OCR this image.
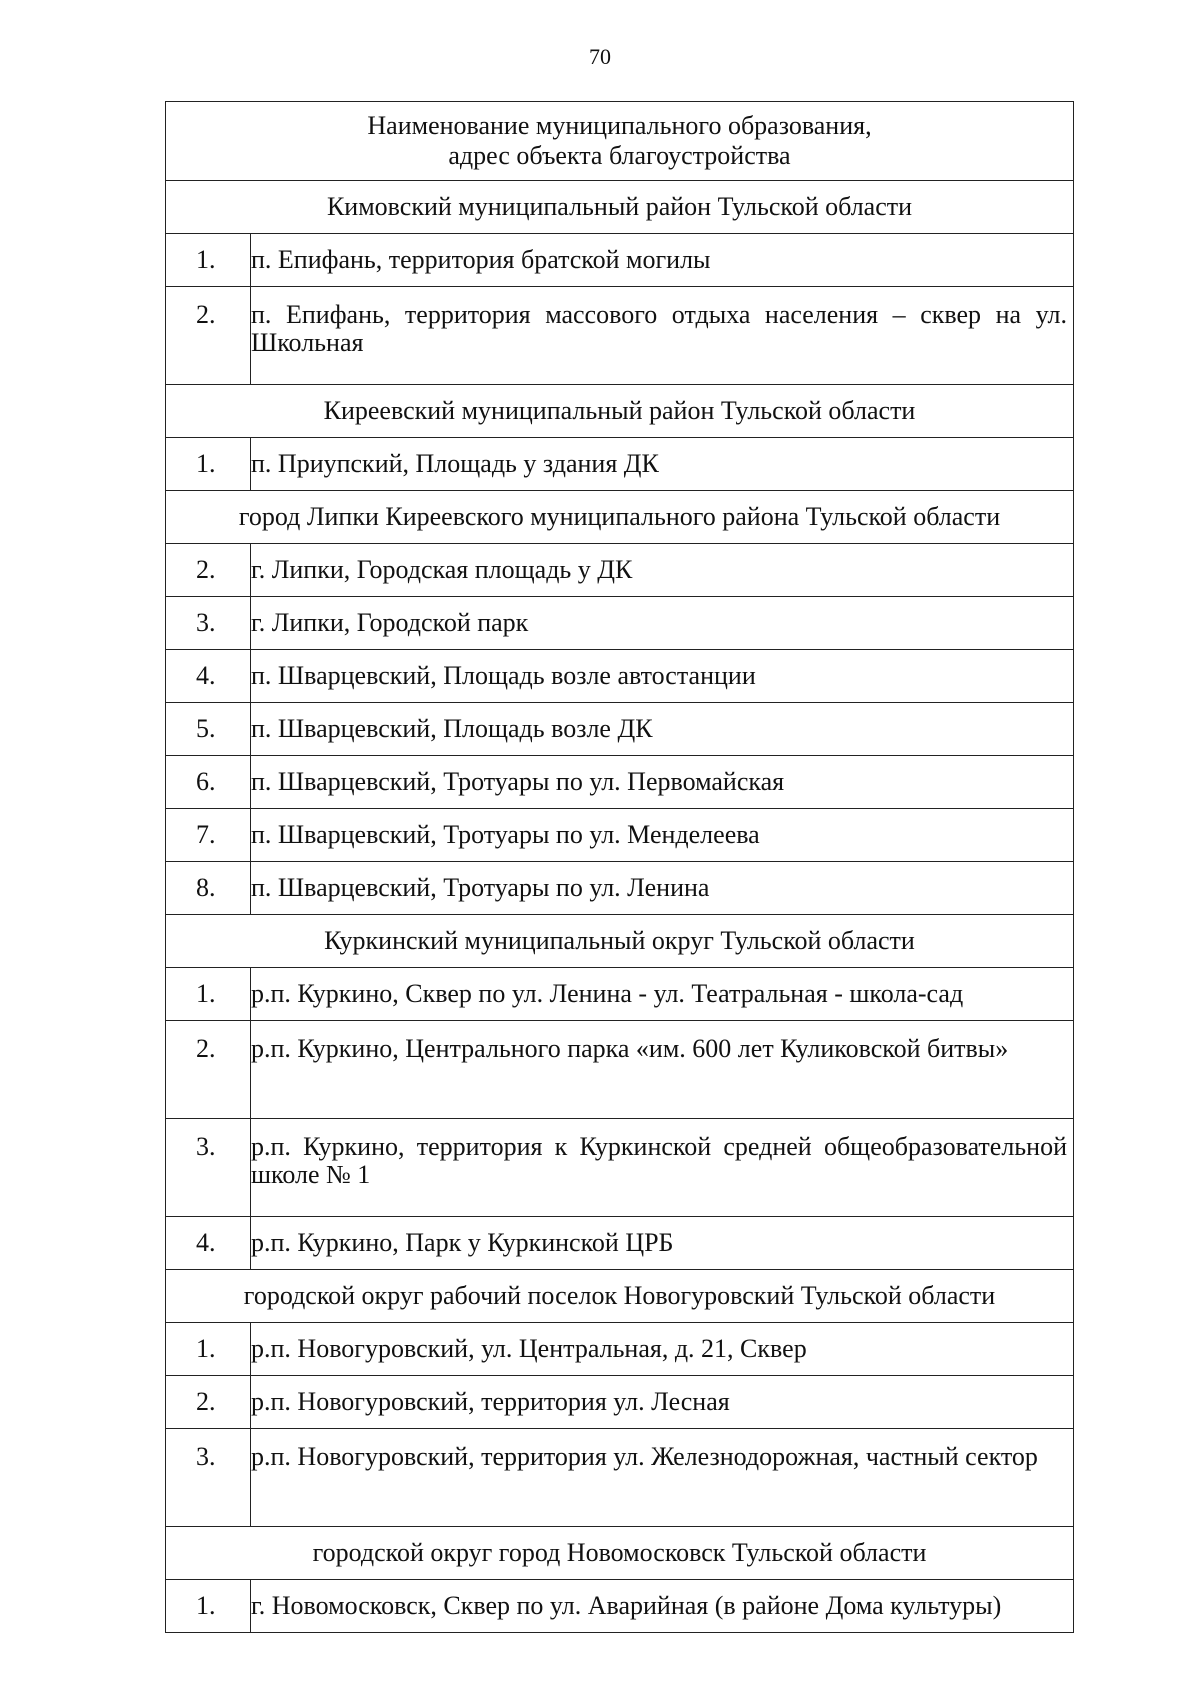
70
Наименование муниципального образования,
адрес объекта благоустройства	

Кимовский муниципальный район Тульской области	
1.	п. Епифань, территория братской могилы
2.	п. Епифань, территория массового отдыха населения – сквер на ул. Школьная
Киреевский муниципальный район Тульской области	
1.	п. Приупский, Площадь у здания ДК
город Липки Киреевского муниципального района Тульской области	
2.	г. Липки, Городская площадь у ДК
3.	г. Липки, Городской парк
4.	п. Шварцевский, Площадь возле автостанции
5.	п. Шварцевский, Площадь возле ДК
6.	п. Шварцевский, Тротуары по ул. Первомайская
7.	п. Шварцевский, Тротуары по ул. Менделеева
8.	п. Шварцевский, Тротуары по ул. Ленина
Куркинский муниципальный округ Тульской области	
1.	р.п. Куркино, Сквер по ул. Ленина - ул. Театральная - школа-сад
2.	р.п. Куркино, Центрального парка «им. 600 лет Куликовской битвы»
3.	р.п. Куркино, территория к Куркинской средней общеобразовательной школе № 1
4.	р.п. Куркино, Парк у Куркинской ЦРБ
городской округ рабочий поселок Новогуровский Тульской области	
1.	р.п. Новогуровский, ул. Центральная, д. 21, Сквер
2.	р.п. Новогуровский, территория ул. Лесная
3.	р.п. Новогуровский, территория ул. Железнодорожная, частный сектор
городской округ город Новомосковск Тульской области	
1.	г. Новомосковск, Сквер по ул. Аварийная (в районе Дома культуры)
